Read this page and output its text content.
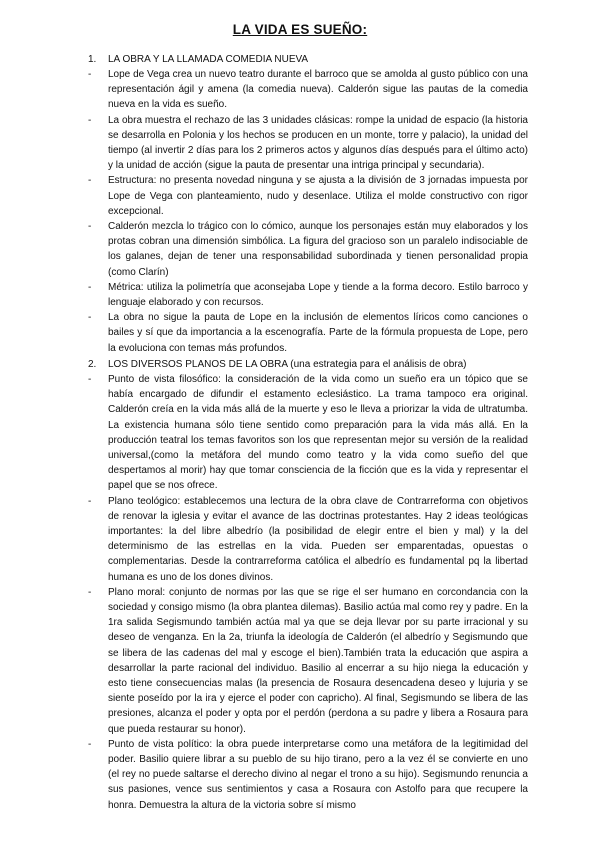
LA VIDA ES SUEÑO:
1.	LA OBRA Y LA LLAMADA COMEDIA NUEVA
-	Lope de Vega crea un nuevo teatro durante el barroco que se amolda al gusto público con una representación ágil y amena (la comedia nueva). Calderón sigue las pautas de la comedia nueva en la vida es sueño.
-	La obra muestra el rechazo de las 3 unidades clásicas: rompe la unidad de espacio (la historia se desarrolla en Polonia y los hechos se producen en un monte, torre y palacio), la unidad del tiempo (al invertir 2 días para los 2 primeros actos y algunos días después para el último acto) y la unidad de acción (sigue la pauta de presentar una intriga principal y secundaria).
-	Estructura: no presenta novedad ninguna y se ajusta a la división de 3 jornadas impuesta por Lope de Vega con planteamiento, nudo y desenlace. Utiliza el molde constructivo con rigor excepcional.
-	Calderón mezcla lo trágico con lo cómico, aunque los personajes están muy elaborados y los protas cobran una dimensión simbólica. La figura del gracioso son un paralelo indisociable de los galanes, dejan de tener una responsabilidad subordinada y tienen personalidad propia (como Clarín)
-	Métrica: utiliza la polimetría que aconsejaba Lope y tiende a la forma decoro. Estilo barroco y lenguaje elaborado y con recursos.
-	La obra no sigue la pauta de Lope en la inclusión de elementos líricos como canciones o bailes y sí que da importancia a la escenografía. Parte de la fórmula propuesta de Lope, pero la evoluciona con temas más profundos.
2.	LOS DIVERSOS PLANOS DE LA OBRA (una estrategia para el análisis de obra)
-	Punto de vista filosófico: la consideración de la vida como un sueño era un tópico que se había encargado de difundir el estamento eclesiástico. La trama tampoco era original. Calderón creía en la vida más allá de la muerte y eso le lleva a priorizar la vida de ultratumba. La existencia humana sólo tiene sentido como preparación para la vida más allá. En la producción teatral los temas favoritos son los que representan mejor su versión de la realidad universal,(como la metáfora del mundo como teatro y la vida como sueño del que despertamos al morir) hay que tomar consciencia de la ficción que es la vida y representar el papel que se nos ofrece.
-	Plano teológico: establecemos una lectura de la obra clave de Contrarreforma con objetivos de renovar la iglesia y evitar el avance de las doctrinas protestantes. Hay 2 ideas teológicas importantes: la del libre albedrío (la posibilidad de elegir entre el bien y mal) y la del determinismo de las estrellas en la vida. Pueden ser emparentadas, opuestas o complementarias. Desde la contrarreforma católica el albedrío es fundamental pq la libertad humana es uno de los dones divinos.
-	Plano moral: conjunto de normas por las que se rige el ser humano en corcondancia con la sociedad y consigo mismo (la obra plantea dilemas). Basilio actúa mal como rey y padre. En la 1ra salida Segismundo también actúa mal ya que se deja llevar por su parte irracional y su deseo de venganza. En la 2a, triunfa la ideología de Calderón (el albedrío y Segismundo que se libera de las cadenas del mal y escoge el bien).También trata la educación que aspira a desarrollar la parte racional del individuo. Basilio al encerrar a su hijo niega la educación y esto tiene consecuencias malas (la presencia de Rosaura desencadena deseo y lujuria y se siente poseído por la ira y ejerce el poder con capricho). Al final, Segismundo se libera de las presiones, alcanza el poder y opta por el perdón (perdona a su padre y libera a Rosaura para que pueda restaurar su honor).
-	Punto de vista político: la obra puede interpretarse como una metáfora de la legitimidad del poder. Basilio quiere librar a su pueblo de su hijo tirano, pero a la vez él se convierte en uno (el rey no puede saltarse el derecho divino al negar el trono a su hijo). Segismundo renuncia a sus pasiones, vence sus sentimientos y casa a Rosaura con Astolfo para que recupere la honra. Demuestra la altura de la victoria sobre sí mismo
